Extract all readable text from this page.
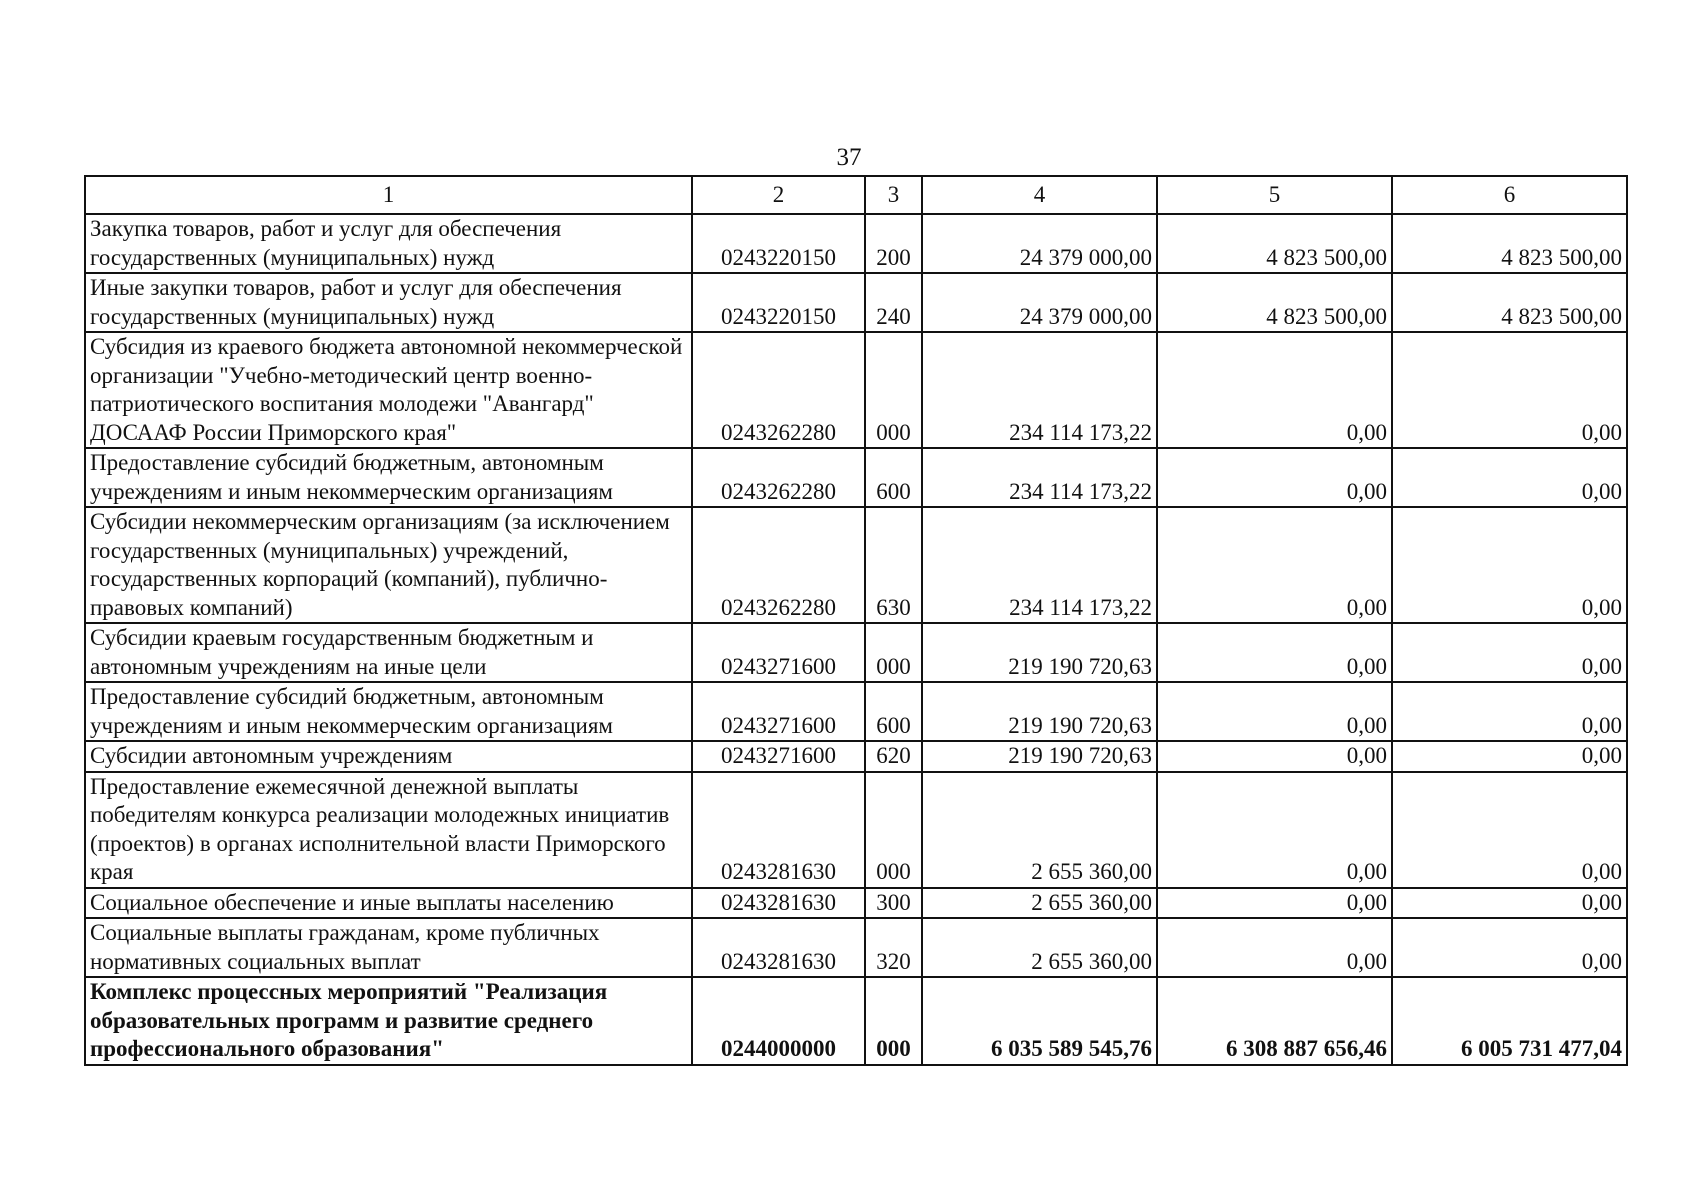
37
1	2	3	4	5	6
Закупка товаров, работ и услуг для обеспечения государственных (муниципальных) нужд	0243220150	200	24 379 000,00	4 823 500,00	4 823 500,00
Иные закупки товаров, работ и услуг для обеспечения государственных (муниципальных) нужд	0243220150	240	24 379 000,00	4 823 500,00	4 823 500,00
Субсидия из краевого бюджета автономной некоммерческой организации "Учебно-методический центр военно-патриотического воспитания молодежи "Авангард" ДОСААФ России Приморского края"	0243262280	000	234 114 173,22	0,00	0,00
Предоставление субсидий бюджетным, автономным учреждениям и иным некоммерческим организациям	0243262280	600	234 114 173,22	0,00	0,00
Субсидии некоммерческим организациям (за исключением государственных (муниципальных) учреждений, государственных корпораций (компаний), публично-правовых компаний)	0243262280	630	234 114 173,22	0,00	0,00
Субсидии краевым государственным бюджетным и автономным учреждениям на иные цели	0243271600	000	219 190 720,63	0,00	0,00
Предоставление субсидий бюджетным, автономным учреждениям и иным некоммерческим организациям	0243271600	600	219 190 720,63	0,00	0,00
Субсидии автономным учреждениям	0243271600	620	219 190 720,63	0,00	0,00
Предоставление ежемесячной денежной выплаты победителям конкурса реализации молодежных инициатив (проектов) в органах исполнительной власти Приморского края	0243281630	000	2 655 360,00	0,00	0,00
Социальное обеспечение и иные выплаты населению	0243281630	300	2 655 360,00	0,00	0,00
Социальные выплаты гражданам, кроме публичных нормативных социальных выплат	0243281630	320	2 655 360,00	0,00	0,00
Комплекс процессных мероприятий "Реализация образовательных программ и развитие среднего профессионального образования"	0244000000	000	6 035 589 545,76	6 308 887 656,46	6 005 731 477,04
